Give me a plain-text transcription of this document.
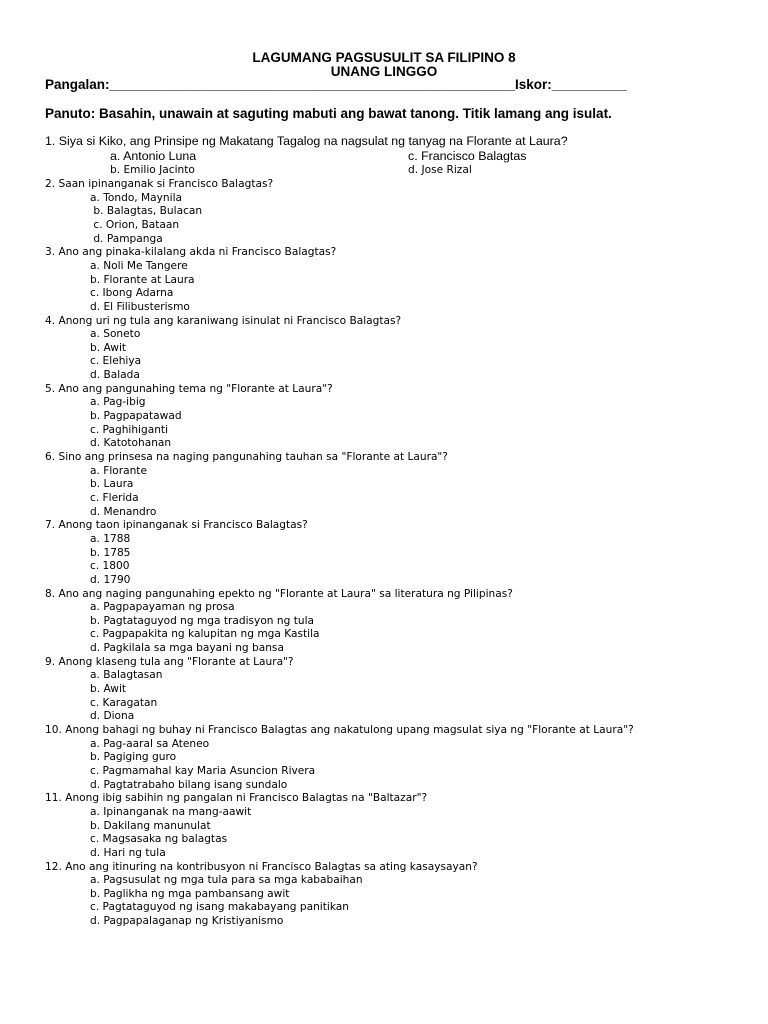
LAGUMANG PAGSUSULIT SA FILIPINO 8
UNANG LINGGO
Pangalan:______________________________________________________Iskor:__________
Panuto: Basahin, unawain at saguting mabuti ang bawat tanong. Titik lamang ang isulat.
1. Siya si Kiko, ang Prinsipe ng Makatang Tagalog na nagsulat ng tanyag na Florante at Laura?
a. Antonio Luna	c. Francisco Balagtas
b. Emilio Jacinto	d. Jose Rizal
2. Saan ipinanganak si Francisco Balagtas?
a. Tondo, Maynila
b. Balagtas, Bulacan
c. Orion, Bataan
d. Pampanga
3. Ano ang pinaka-kilalang akda ni Francisco Balagtas?
a. Noli Me Tangere
b. Florante at Laura
c. Ibong Adarna
d. El Filibusterismo
4. Anong uri ng tula ang karaniwang isinulat ni Francisco Balagtas?
a. Soneto
b. Awit
c. Elehiya
d. Balada
5. Ano ang pangunahing tema ng "Florante at Laura"?
a. Pag-ibig
b. Pagpapatawad
c. Paghihiganti
d. Katotohanan
6. Sino ang prinsesa na naging pangunahing tauhan sa "Florante at Laura"?
a. Florante
b. Laura
c. Flerida
d. Menandro
7. Anong taon ipinanganak si Francisco Balagtas?
a. 1788
b. 1785
c. 1800
d. 1790
8. Ano ang naging pangunahing epekto ng "Florante at Laura" sa literatura ng Pilipinas?
a. Pagpapayaman ng prosa
b. Pagtataguyod ng mga tradisyon ng tula
c. Pagpapakita ng kalupitan ng mga Kastila
d. Pagkilala sa mga bayani ng bansa
9. Anong klaseng tula ang "Florante at Laura"?
a. Balagtasan
b. Awit
c. Karagatan
d. Diona
10. Anong bahagi ng buhay ni Francisco Balagtas ang nakatulong upang magsulat siya ng "Florante at Laura"?
a. Pag-aaral sa Ateneo
b. Pagiging guro
c. Pagmamahal kay Maria Asuncion Rivera
d. Pagtatrabaho bilang isang sundalo
11. Anong ibig sabihin ng pangalan ni Francisco Balagtas na "Baltazar"?
a. Ipinanganak na mang-aawit
b. Dakilang manunulat
c. Magsasaka ng balagtas
d. Hari ng tula
12. Ano ang itinuring na kontribusyon ni Francisco Balagtas sa ating kasaysayan?
a. Pagsusulat ng mga tula para sa mga kababaihan
b. Paglikha ng mga pambansang awit
c. Pagtataguyod ng isang makabayang panitikan
d. Pagpapalaganap ng Kristiyanismo
